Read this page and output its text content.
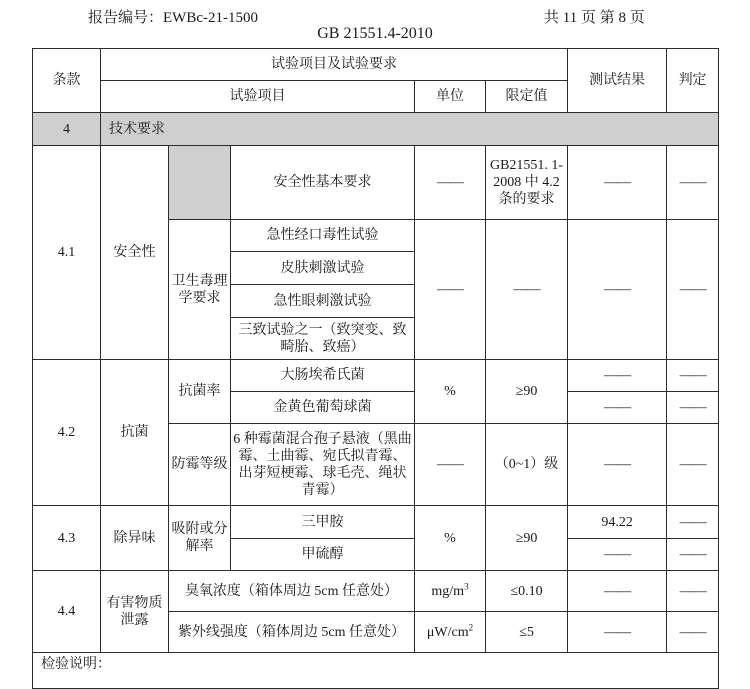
报告编号：EWBc-21-1500	共 11 页 第 8 页
GB 21551.4-2010
条款	试验项目及试验要求					测试结果	判定
	试验项目			单位	限定值		
4	技术要求						
4.1	安全性		安全性基本要求	——	GB21551. 1-2008 中 4.2 条的要求	——	——
		卫生毒理学要求	急性经口毒性试验	——	——	——	——
			皮肤刺激试验				
			急性眼刺激试验				
			三致试验之一（致突变、致畸胎、致癌）				
4.2	抗菌	抗菌率	大肠埃希氏菌	%	≥90	——	——
			金黄色葡萄球菌			——	——
		防霉等级	6 种霉菌混合孢子悬液（黑曲霉、土曲霉、宛氏拟青霉、出芽短梗霉、球毛壳、绳状青霉）	——	（0~1）级	——	——
4.3	除异味	吸附或分解率	三甲胺	%	≥90	94.22	——
			甲硫醇			——	——
4.4	有害物质泄露	臭氧浓度（箱体周边 5cm 任意处）		$mg/m^3$	≤0.10	——	——
		紫外线强度（箱体周边 5cm 任意处）		$\mu W/cm^2$	≤5	——	——
检验说明：							
